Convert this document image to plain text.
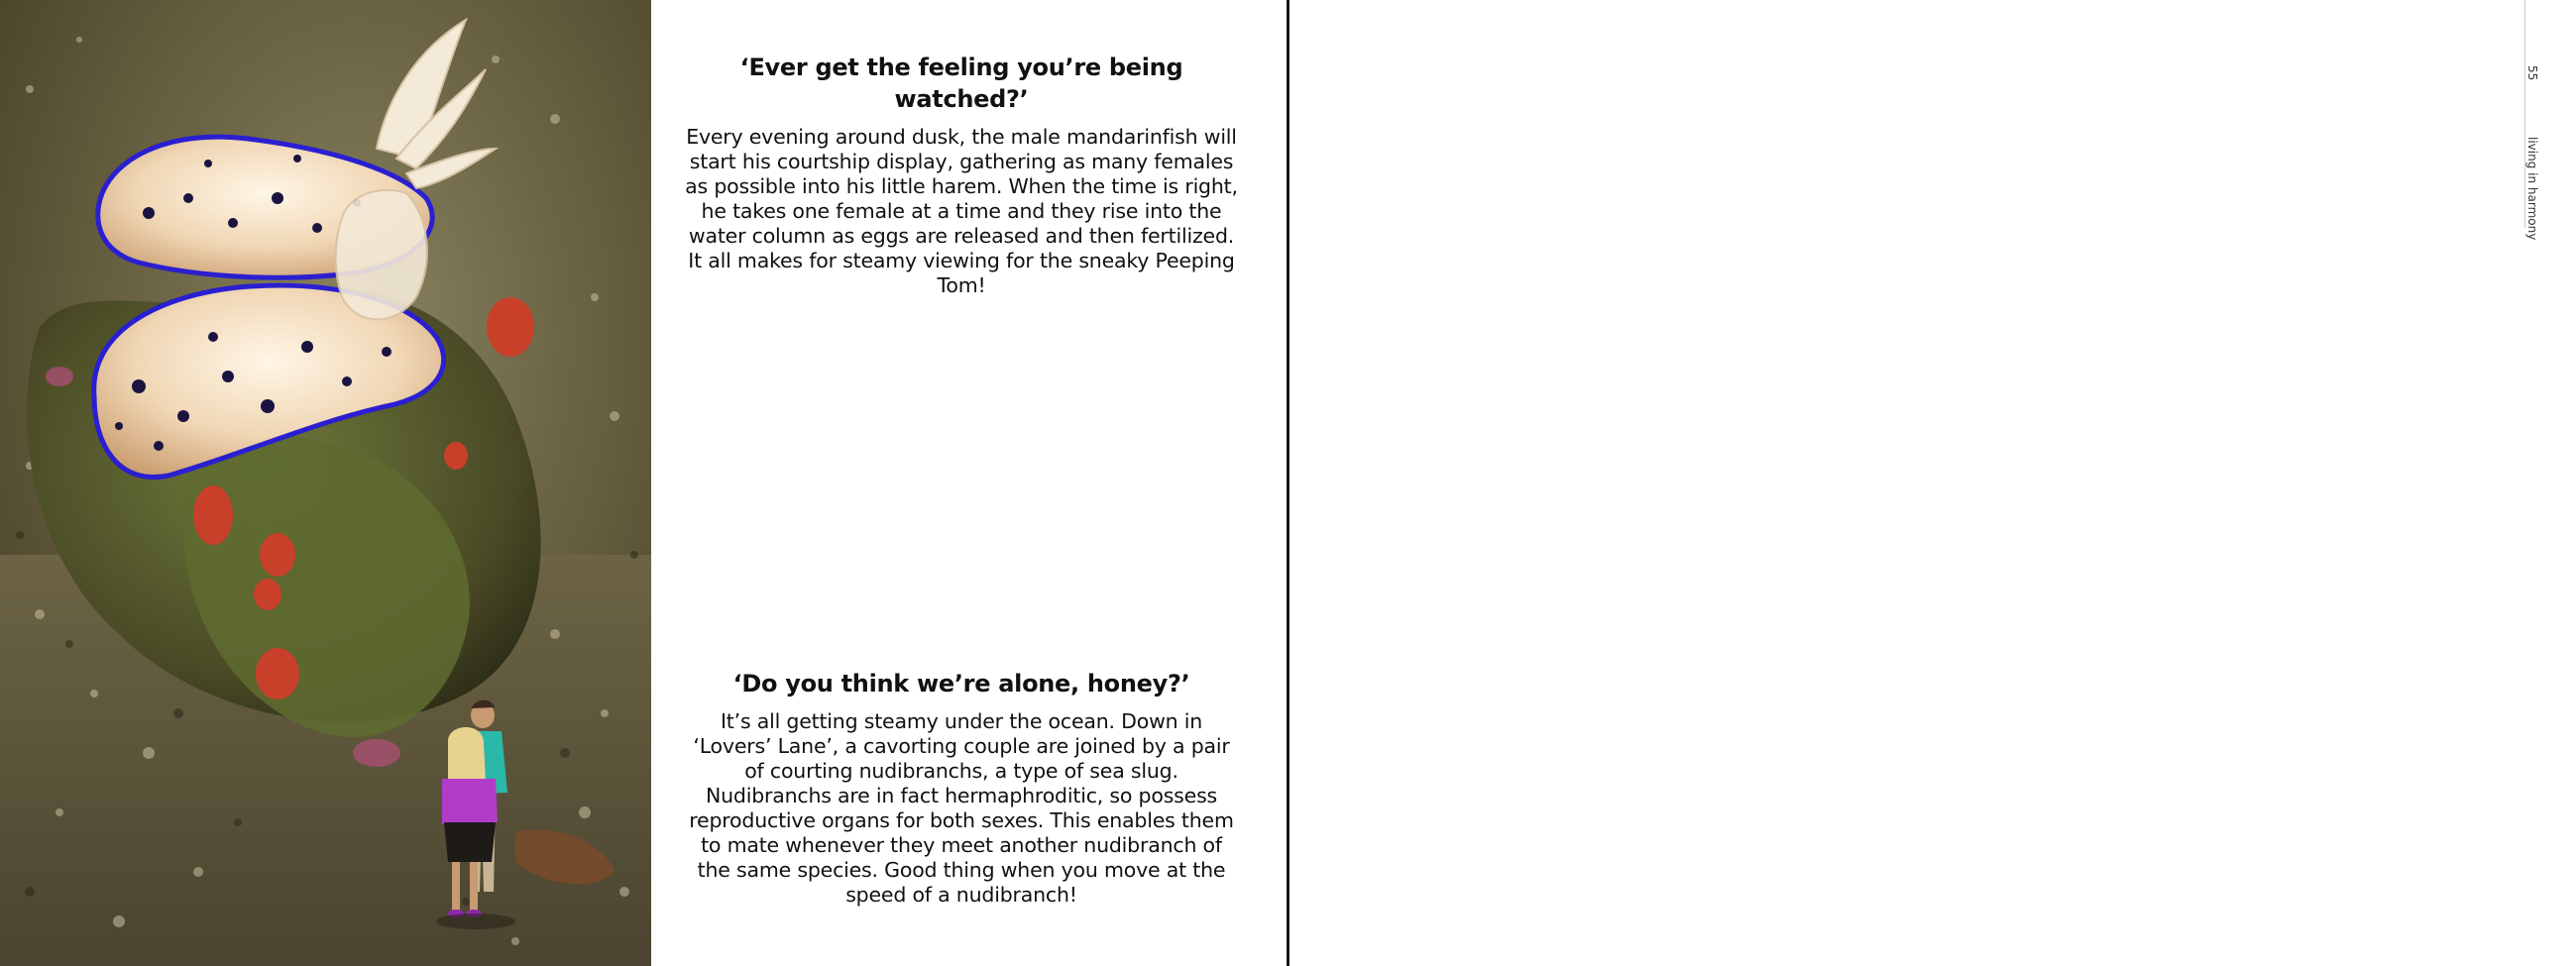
‘Ever get the feeling you’re being watched?’

Every evening around dusk, the male mandarinfish will start his courtship display, gathering as many females as possible into his little harem. When the time is right, he takes one female at a time and they rise into the water column as eggs are released and then fertilized. It all makes for steamy viewing for the sneaky Peeping Tom!

‘Do you think we’re alone, honey?’

It’s all getting steamy under the ocean. Down in ‘Lovers’ Lane’, a cavorting couple are joined by a pair of courting nudibranchs, a type of sea slug. Nudibranchs are in fact hermaphroditic, so possess reproductive organs for both sexes. This enables them to mate whenever they meet another nudibranch of the same species. Good thing when you move at the speed of a nudibranch!

55
living in harmony
